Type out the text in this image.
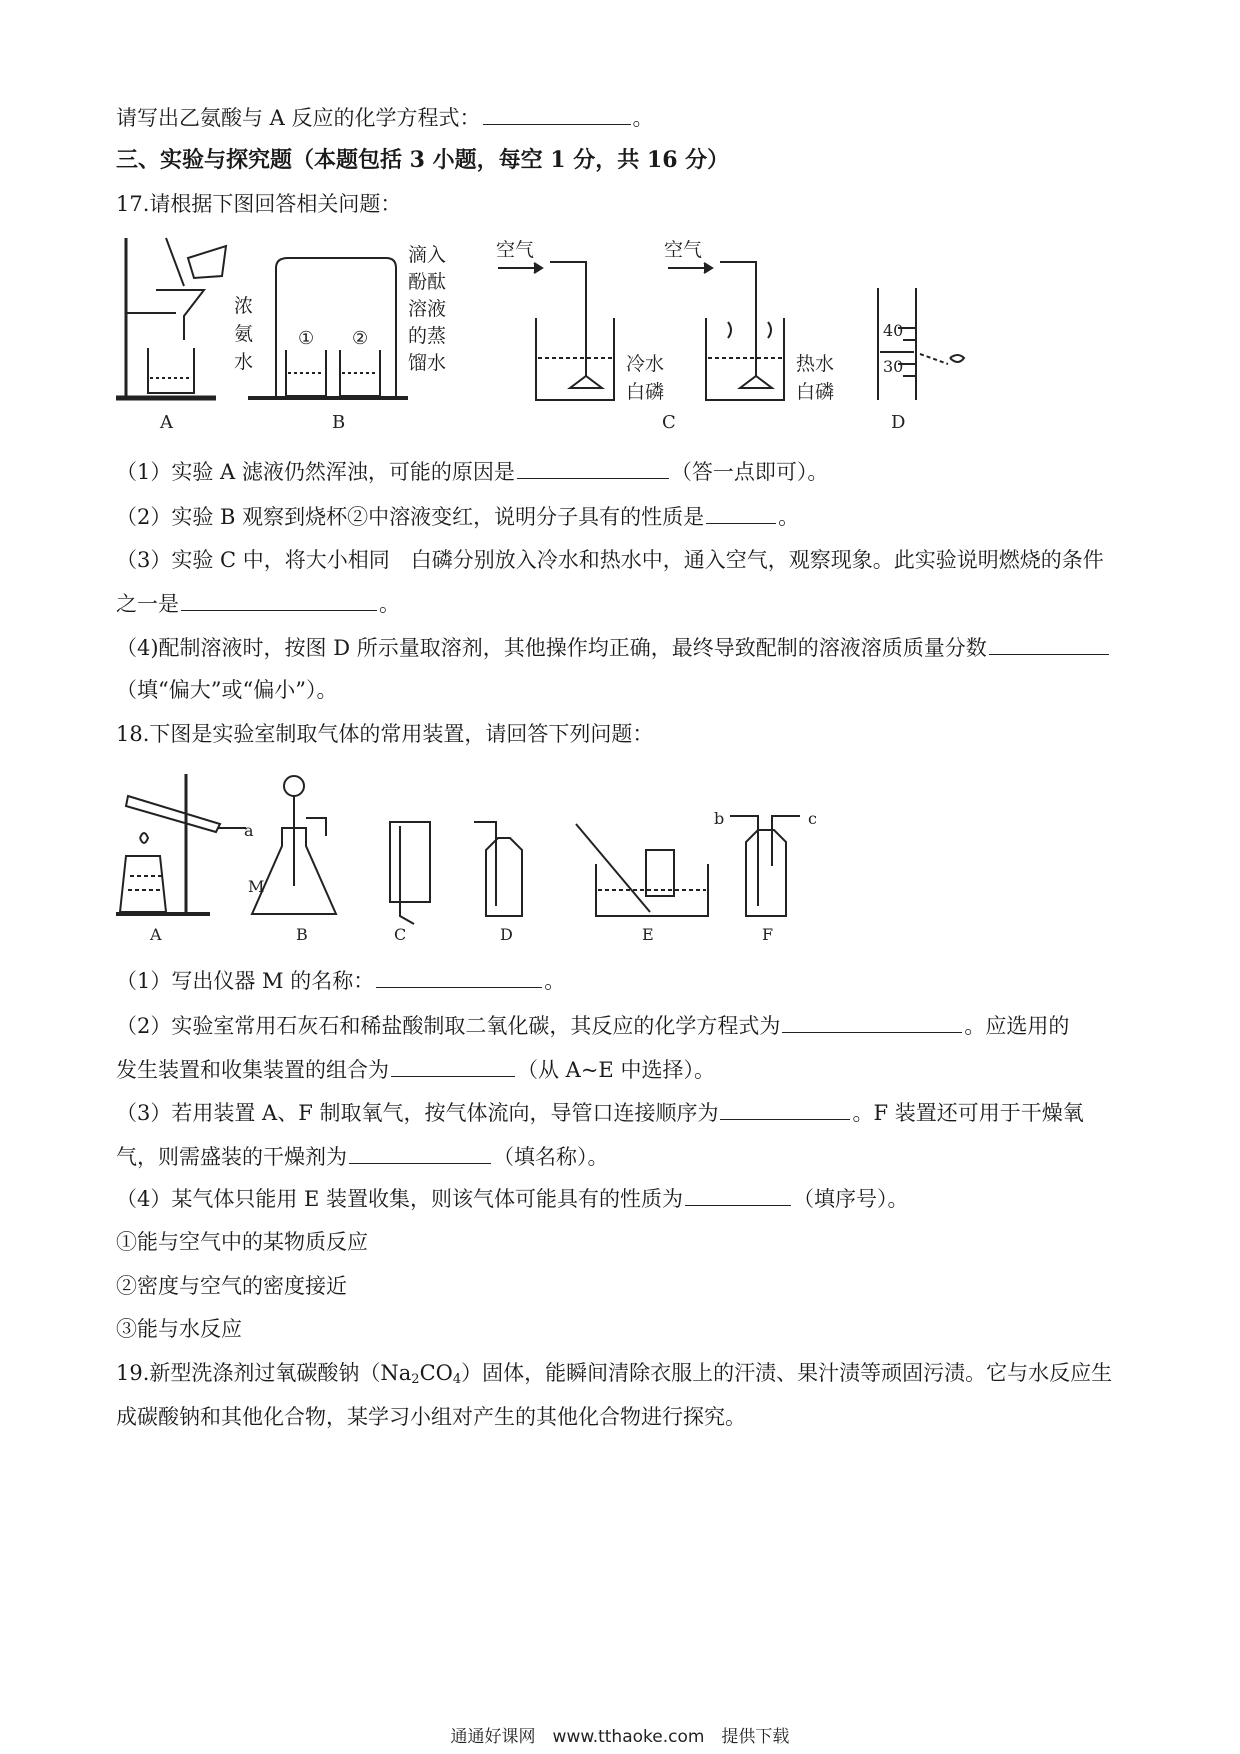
请写出乙氨酸与 A 反应的化学方程式：	。
三、实验与探究题（本题包括 3 小题，每空 1 分，共 16 分）
17.请根据下图回答相关问题：
A	B	C	D
① ②	40
30
空气	空气
冷水
白磷
热水
白磷
浓氨水
滴入酚酞溶液的蒸馏水
（1）实验 A 滤液仍然浑浊，可能的原因是	（答一点即可）。
（2）实验 B 观察到烧杯②中溶液变红，说明分子具有的性质是	。
（3）实验 C 中，将大小相同　白磷分别放入冷水和热水中，通入空气，观察现象。此实验说明燃烧的条件
之一是	。
（4)配制溶液时，按图 D 所示量取溶剂，其他操作均正确，最终导致配制的溶液溶质质量分数
（填“偏大”或“偏小”）。
18.下图是实验室制取气体的常用装置，请回答下列问题：
A	B	C	D	E	F
a
b	c
M
（1）写出仪器 M 的名称：	。
（2）实验室常用石灰石和稀盐酸制取二氧化碳，其反应的化学方程式为	。应选用的
发生装置和收集装置的组合为	（从 A~E 中选择）。
（3）若用装置 A、F 制取氧气，按气体流向，导管口连接顺序为	。F 装置还可用于干燥氧
气，则需盛装的干燥剂为	（填名称）。
（4）某气体只能用 E 装置收集，则该气体可能具有的性质为	（填序号）。
①能与空气中的某物质反应
②密度与空气的密度接近
③能与水反应
19.新型洗涤剂过氧碳酸钠$(Na_2CO_4)$固体，能瞬间清除衣服上的汗渍、果汁渍等顽固污渍。它与水反应生
成碳酸钠和其他化合物，某学习小组对产生的其他化合物进行探究。
通通好课网　www.tthaoke.com　提供下载
